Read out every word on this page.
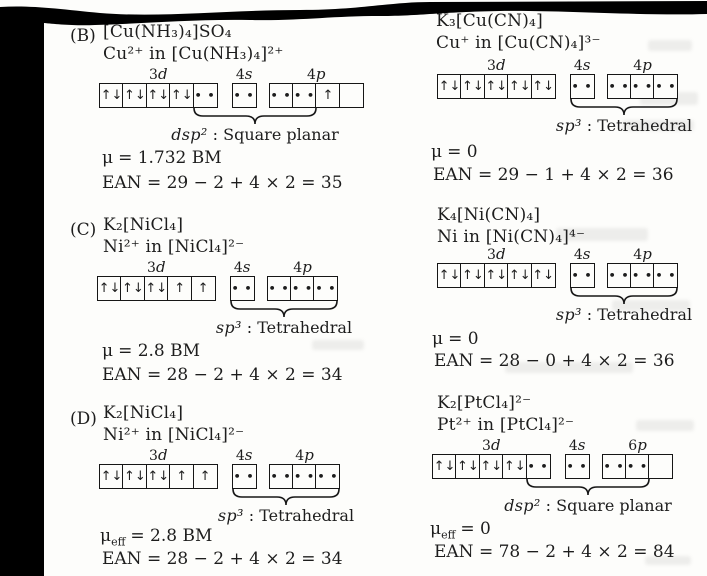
(B) [Cu(NH₃)₄]SO₄
Cu²⁺ in [Cu(NH₃)₄]²⁺
3d
↑↓ ↑↓ ↑↓ ↑↓ • •
4s
• •
4p
• • • • ↑
dsp² : Square planar
μ = 1.732 BM
EAN = 29 − 2 + 4 × 2 = 35
K₃[Cu(CN)₄]
Cu⁺ in [Cu(CN)₄]³⁻
3d
↑↓ ↑↓ ↑↓ ↑↓ ↑↓
4s
• •
4p
• • • • • •
sp³ : Tetrahedral
μ = 0
EAN = 29 − 1 + 4 × 2 = 36
(C) K₂[NiCl₄]
Ni²⁺ in [NiCl₄]²⁻
3d
↑↓ ↑↓ ↑↓ ↑ ↑
4s
• •
4p
• • • • • •
sp³ : Tetrahedral
μ = 2.8 BM
EAN = 28 − 2 + 4 × 2 = 34
K₄[Ni(CN)₄]
Ni in [Ni(CN)₄]⁴⁻
3d
↑↓ ↑↓ ↑↓ ↑↓ ↑↓
4s
• •
4p
• • • • • •
sp³ : Tetrahedral
μ = 0
EAN = 28 − 0 + 4 × 2 = 36
(D) K₂[NiCl₄]
Ni²⁺ in [NiCl₄]²⁻
3d
↑↓ ↑↓ ↑↓ ↑ ↑
4s
• •
4p
• • • • • •
sp³ : Tetrahedral
$\mu_{eff} = 2.8$ BM
EAN = 28 − 2 + 4 × 2 = 34
K₂[PtCl₄]²⁻
Pt²⁺ in [PtCl₄]²⁻
3d
↑↓ ↑↓ ↑↓ ↑↓ • •
4s
• •
6p
• • • •
dsp² : Square planar
$\mu_{eff} = 0$
EAN = 78 − 2 + 4 × 2 = 84
